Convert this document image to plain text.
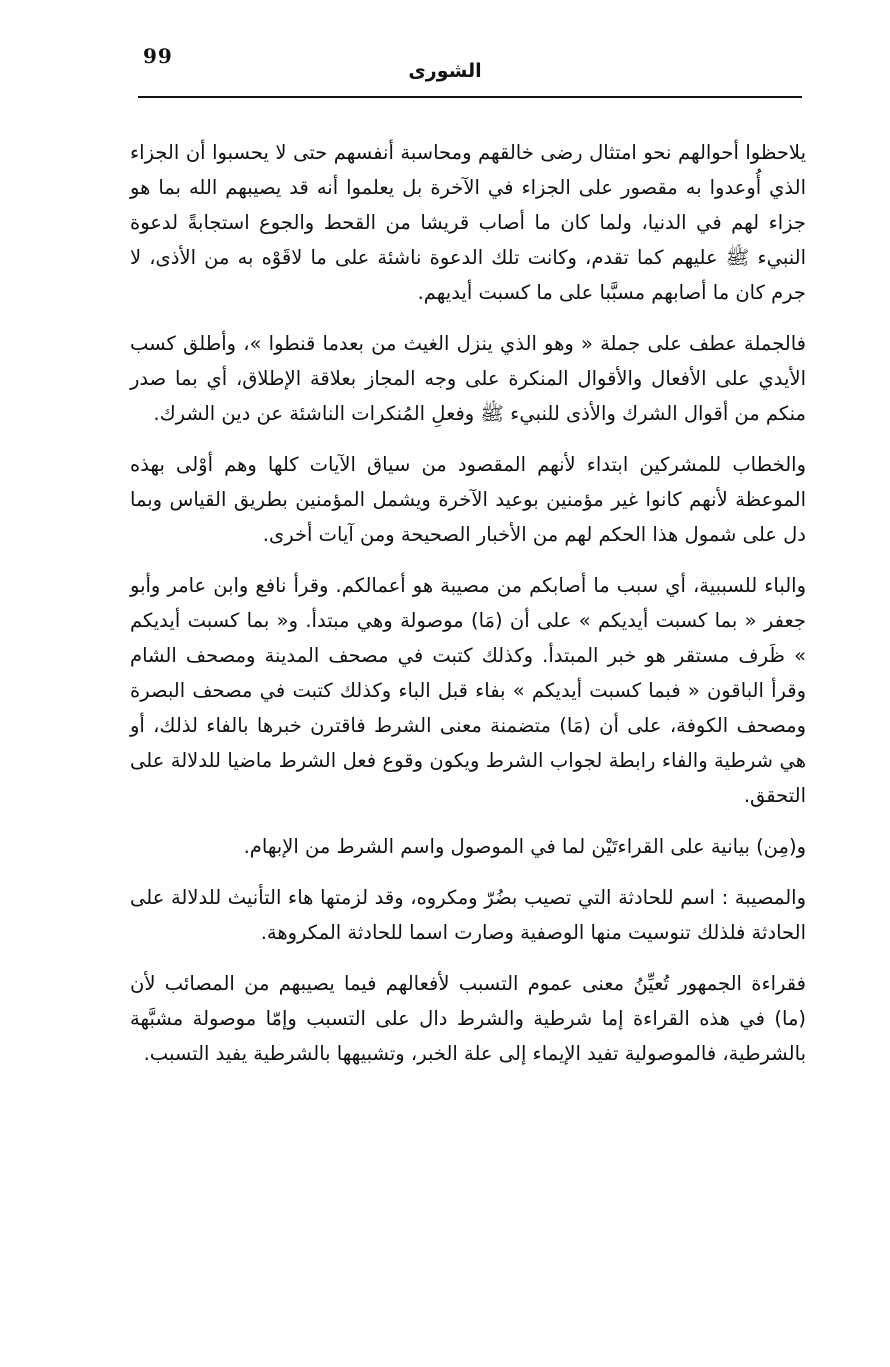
99
الشورى

يلاحظوا أحوالهم نحو امتثال رضى خالقهم ومحاسبة أنفسهم حتى لا يحسبوا أن الجزاء الذي أُوعدوا به مقصور على الجزاء في الآخرة بل يعلموا أنه قد يصيبهم الله بما هو جزاء لهم في الدنيا، ولما كان ما أصاب قريشا من القحط والجوع استجابةً لدعوة النبيء ﷺ عليهم كما تقدم، وكانت تلك الدعوة ناشئة على ما لاقَوْه به من الأذى، لا جرم كان ما أصابهم مسبَّبا على ما كسبت أيديهم.

فالجملة عطف على جملة « وهو الذي ينزل الغيث من بعدما قنطوا »، وأطلق كسب الأيدي على الأفعال والأقوال المنكرة على وجه المجاز بعلاقة الإطلاق، أي بما صدر منكم من أقوال الشرك والأذى للنبيء ﷺ وفعلِ المُنكرات الناشئة عن دين الشرك.

والخطاب للمشركين ابتداء لأنهم المقصود من سياق الآيات كلها وهم أوْلى بهذه الموعظة لأنهم كانوا غير مؤمنين بوعيد الآخرة ويشمل المؤمنين بطريق القياس وبما دل على شمول هذا الحكم لهم من الأخبار الصحيحة ومن آيات أخرى.

والباء للسببية، أي سبب ما أصابكم من مصيبة هو أعمالكم. وقرأ نافع وابن عامر وأبو جعفر « بما كسبت أيديكم » على أن (مَا) موصولة وهي مبتدأ. و« بما كسبت أيديكم » ظَرف مستقر هو خبر المبتدأ. وكذلك كتبت في مصحف المدينة ومصحف الشام وقرأ الباقون « فبما كسبت أيديكم » بفاء قبل الباء وكذلك كتبت في مصحف البصرة ومصحف الكوفة، على أن (مَا) متضمنة معنى الشرط فاقترن خبرها بالفاء لذلك، أو هي شرطية والفاء رابطة لجواب الشرط ويكون وقوع فعل الشرط ماضيا للدلالة على التحقق.

و(مِن) بيانية على القراءتَيْن لما في الموصول واسم الشرط من الإبهام.

والمصيبة : اسم للحادثة التي تصيب بضُرّ ومكروه، وقد لزمتها هاء التأنيث للدلالة على الحادثة فلذلك تنوسيت منها الوصفية وصارت اسما للحادثة المكروهة.

فقراءة الجمهور تُعيِّنُ معنى عموم التسبب لأفعالهم فيما يصيبهم من المصائب لأن (ما) في هذه القراءة إما شرطية والشرط دال على التسبب وإمّا موصولة مشبَّهة بالشرطية، فالموصولية تفيد الإيماء إلى علة الخبر، وتشبيهها بالشرطية يفيد التسبب.
